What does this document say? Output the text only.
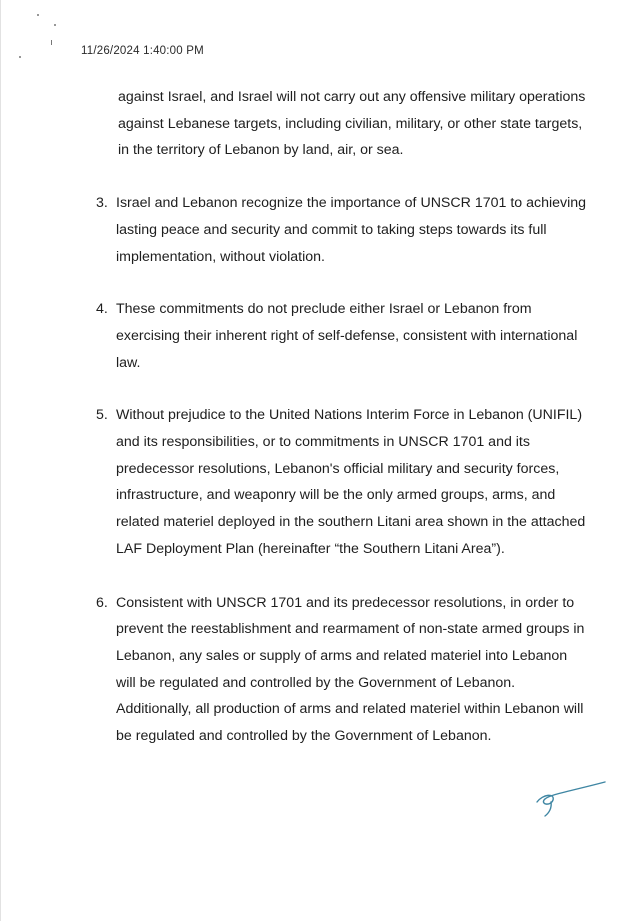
11/26/2024 1:40:00 PM
against Israel, and Israel will not carry out any offensive military operations against Lebanese targets, including civilian, military, or other state targets, in the territory of Lebanon by land, air, or sea.
3. Israel and Lebanon recognize the importance of UNSCR 1701 to achieving lasting peace and security and commit to taking steps towards its full implementation, without violation.
4. These commitments do not preclude either Israel or Lebanon from exercising their inherent right of self-defense, consistent with international law.
5. Without prejudice to the United Nations Interim Force in Lebanon (UNIFIL) and its responsibilities, or to commitments in UNSCR 1701 and its predecessor resolutions, Lebanon's official military and security forces, infrastructure, and weaponry will be the only armed groups, arms, and related materiel deployed in the southern Litani area shown in the attached LAF Deployment Plan (hereinafter “the Southern Litani Area”).
6. Consistent with UNSCR 1701 and its predecessor resolutions, in order to prevent the reestablishment and rearmament of non-state armed groups in Lebanon, any sales or supply of arms and related materiel into Lebanon will be regulated and controlled by the Government of Lebanon. Additionally, all production of arms and related materiel within Lebanon will be regulated and controlled by the Government of Lebanon.
